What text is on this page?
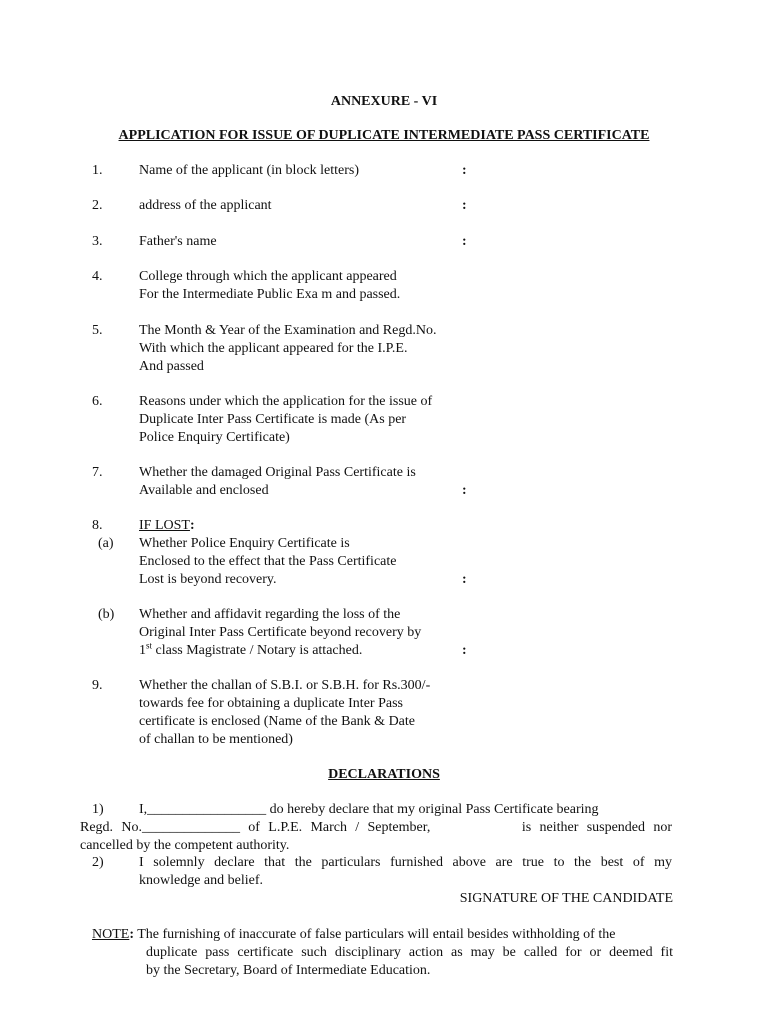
ANNEXURE - VI
APPLICATION FOR ISSUE OF DUPLICATE INTERMEDIATE PASS CERTIFICATE
1.	Name of the applicant (in block letters)	:
2.	address of the applicant	:
3.	Father's name	:
4.	College through which the applicant appeared
For the Intermediate Public Exa m and passed.
5.	The Month & Year of the Examination and Regd.No.
With which the applicant appeared for the I.P.E.
And passed
6.	Reasons under which the application for the issue of
Duplicate Inter Pass Certificate is made (As per
Police Enquiry Certificate)
7.	Whether the damaged Original Pass Certificate is
Available and enclosed	:
8.	IF LOST:
(a) Whether Police Enquiry Certificate is
Enclosed to the effect that the Pass Certificate
Lost is beyond recovery.	:
(b) Whether and affidavit regarding the loss of the
Original Inter Pass Certificate beyond recovery by
1st class Magistrate / Notary is attached.	:
9.	Whether the challan of S.B.I. or S.B.H. for Rs.300/-
towards fee for obtaining a duplicate Inter Pass
certificate is enclosed (Name of the Bank & Date
of challan to be mentioned)
DECLARATIONS
1)	I,_________________ do hereby declare that my original Pass Certificate bearing
Regd. No.______________ of L.P.E. March / September,           is neither suspended nor
cancelled by the competent authority.
2)	I solemnly declare that the particulars furnished above are true to the best of my
knowledge and belief.
SIGNATURE OF THE CANDIDATE
NOTE: The furnishing of inaccurate of false particulars will entail besides withholding of the
duplicate pass certificate such disciplinary action as may be called for or deemed fit
by the Secretary, Board of Intermediate Education.
